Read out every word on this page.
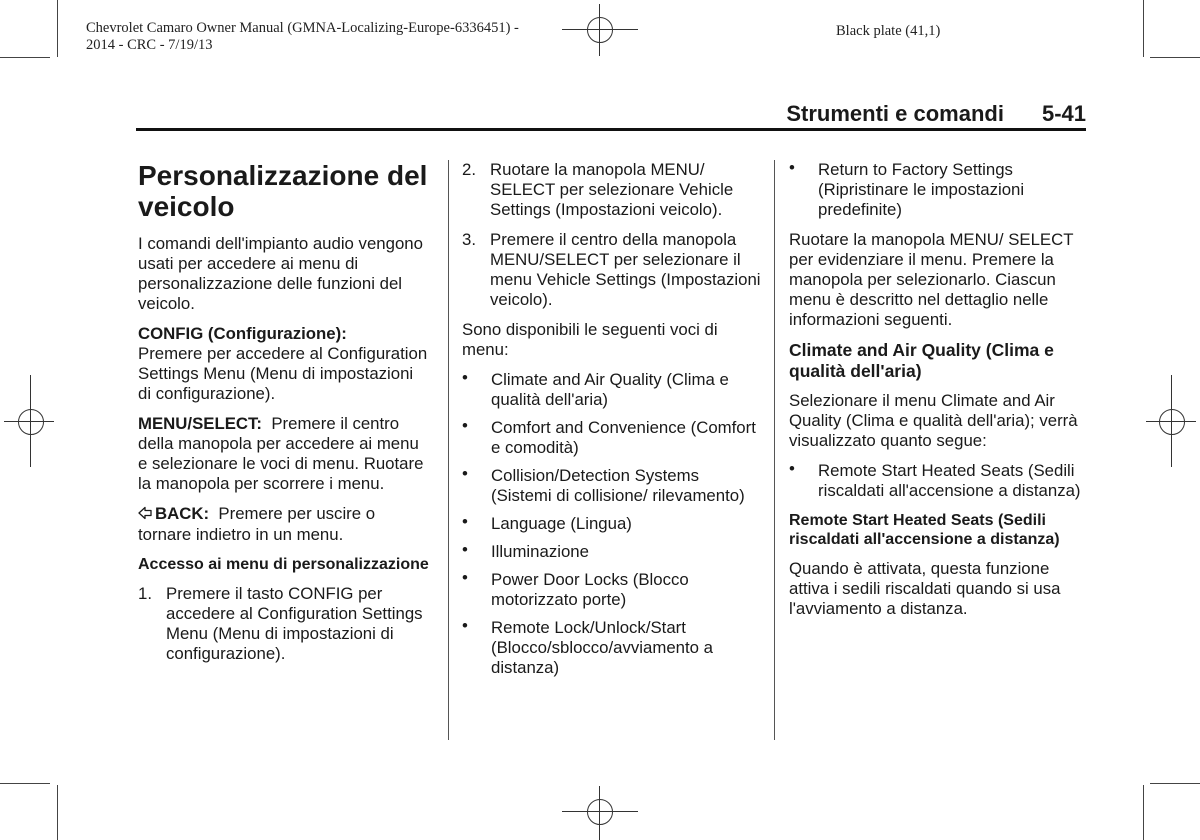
Chevrolet Camaro Owner Manual (GMNA-Localizing-Europe-6336451) -
2014 - CRC - 7/19/13
Black plate (41,1)
Strumenti e comandi 5-41
Personalizzazione del veicolo

I comandi dell'impianto audio vengono usati per accedere ai menu di personalizzazione delle funzioni del veicolo.

CONFIG (Configurazione):
Premere per accedere al Configuration Settings Menu (Menu di impostazioni di configurazione).

MENU/SELECT: Premere il centro della manopola per accedere ai menu e selezionare le voci di menu. Ruotare la manopola per scorrere i menu.

BACK: Premere per uscire o tornare indietro in un menu.

Accesso ai menu di personalizzazione
1. Premere il tasto CONFIG per accedere al Configuration Settings Menu (Menu di impostazioni di configurazione).
2. Ruotare la manopola MENU/ SELECT per selezionare Vehicle Settings (Impostazioni veicolo).
3. Premere il centro della manopola MENU/SELECT per selezionare il menu Vehicle Settings (Impostazioni veicolo).

Sono disponibili le seguenti voci di menu:

• Climate and Air Quality (Clima e qualità dell'aria)
• Comfort and Convenience (Comfort e comodità)
• Collision/Detection Systems (Sistemi di collisione/ rilevamento)
• Language (Lingua)
• Illuminazione
• Power Door Locks (Blocco motorizzato porte)
• Remote Lock/Unlock/Start (Blocco/sblocco/avviamento a distanza)
• Return to Factory Settings (Ripristinare le impostazioni predefinite)

Ruotare la manopola MENU/ SELECT per evidenziare il menu. Premere la manopola per selezionarlo. Ciascun menu è descritto nel dettaglio nelle informazioni seguenti.

Climate and Air Quality (Clima e qualità dell'aria)

Selezionare il menu Climate and Air Quality (Clima e qualità dell'aria); verrà visualizzato quanto segue:

• Remote Start Heated Seats (Sedili riscaldati all'accensione a distanza)
Remote Start Heated Seats (Sedili riscaldati all'accensione a distanza)

Quando è attivata, questa funzione attiva i sedili riscaldati quando si usa l'avviamento a distanza.
